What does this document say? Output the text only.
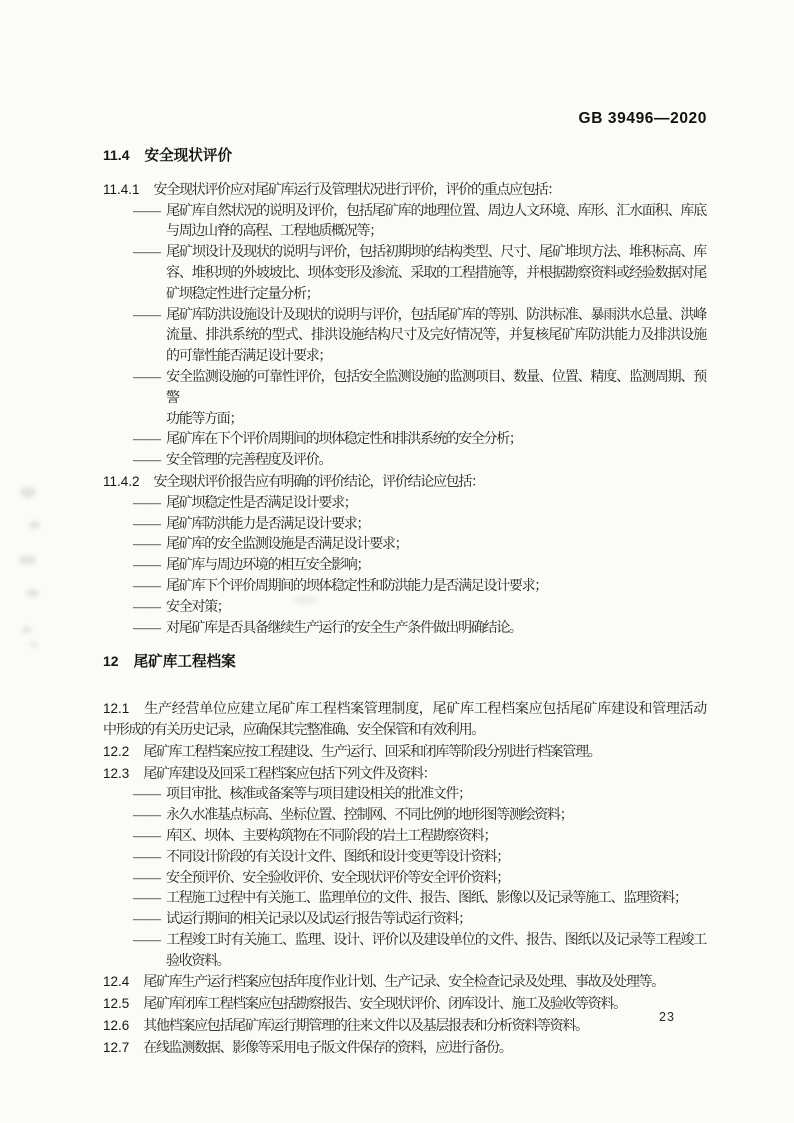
GB 39496—2020
11.4 安全现状评价
11.4.1 安全现状评价应对尾矿库运行及管理状况进行评价，评价的重点应包括：
—— 尾矿库自然状况的说明及评价，包括尾矿库的地理位置、周边人文环境、库形、汇水面积、库底
与周边山脊的高程、工程地质概况等；
—— 尾矿坝设计及现状的说明与评价，包括初期坝的结构类型、尺寸、尾矿堆坝方法、堆积标高、库
容、堆积坝的外坡坡比、坝体变形及渗流、采取的工程措施等，并根据勘察资料或经验数据对尾
矿坝稳定性进行定量分析；
—— 尾矿库防洪设施设计及现状的说明与评价，包括尾矿库的等别、防洪标准、暴雨洪水总量、洪峰
流量、排洪系统的型式、排洪设施结构尺寸及完好情况等，并复核尾矿库防洪能力及排洪设施
的可靠性能否满足设计要求；
—— 安全监测设施的可靠性评价，包括安全监测设施的监测项目、数量、位置、精度、监测周期、预警
功能等方面；
—— 尾矿库在下个评价周期间的坝体稳定性和排洪系统的安全分析；
—— 安全管理的完善程度及评价。
11.4.2 安全现状评价报告应有明确的评价结论，评价结论应包括：
—— 尾矿坝稳定性是否满足设计要求；
—— 尾矿库防洪能力是否满足设计要求；
—— 尾矿库的安全监测设施是否满足设计要求；
—— 尾矿库与周边环境的相互安全影响；
—— 尾矿库下个评价周期间的坝体稳定性和防洪能力是否满足设计要求；
—— 安全对策；
—— 对尾矿库是否具备继续生产运行的安全生产条件做出明确结论。
12 尾矿库工程档案
12.1 生产经营单位应建立尾矿库工程档案管理制度，尾矿库工程档案应包括尾矿库建设和管理活动
中形成的有关历史记录，应确保其完整准确、安全保管和有效利用。
12.2 尾矿库工程档案应按工程建设、生产运行、回采和闭库等阶段分别进行档案管理。
12.3 尾矿库建设及回采工程档案应包括下列文件及资料：
—— 项目审批、核准或备案等与项目建设相关的批准文件；
—— 永久水准基点标高、坐标位置、控制网、不同比例的地形图等测绘资料；
—— 库区、坝体、主要构筑物在不同阶段的岩土工程勘察资料；
—— 不同设计阶段的有关设计文件、图纸和设计变更等设计资料；
—— 安全预评价、安全验收评价、安全现状评价等安全评价资料；
—— 工程施工过程中有关施工、监理单位的文件、报告、图纸、影像以及记录等施工、监理资料；
—— 试运行期间的相关记录以及试运行报告等试运行资料；
—— 工程竣工时有关施工、监理、设计、评价以及建设单位的文件、报告、图纸以及记录等工程竣工
验收资料。
12.4 尾矿库生产运行档案应包括年度作业计划、生产记录、安全检查记录及处理、事故及处理等。
12.5 尾矿库闭库工程档案应包括勘察报告、安全现状评价、闭库设计、施工及验收等资料。
12.6 其他档案应包括尾矿库运行期管理的往来文件以及基层报表和分析资料等资料。
12.7 在线监测数据、影像等采用电子版文件保存的资料，应进行备份。
23
